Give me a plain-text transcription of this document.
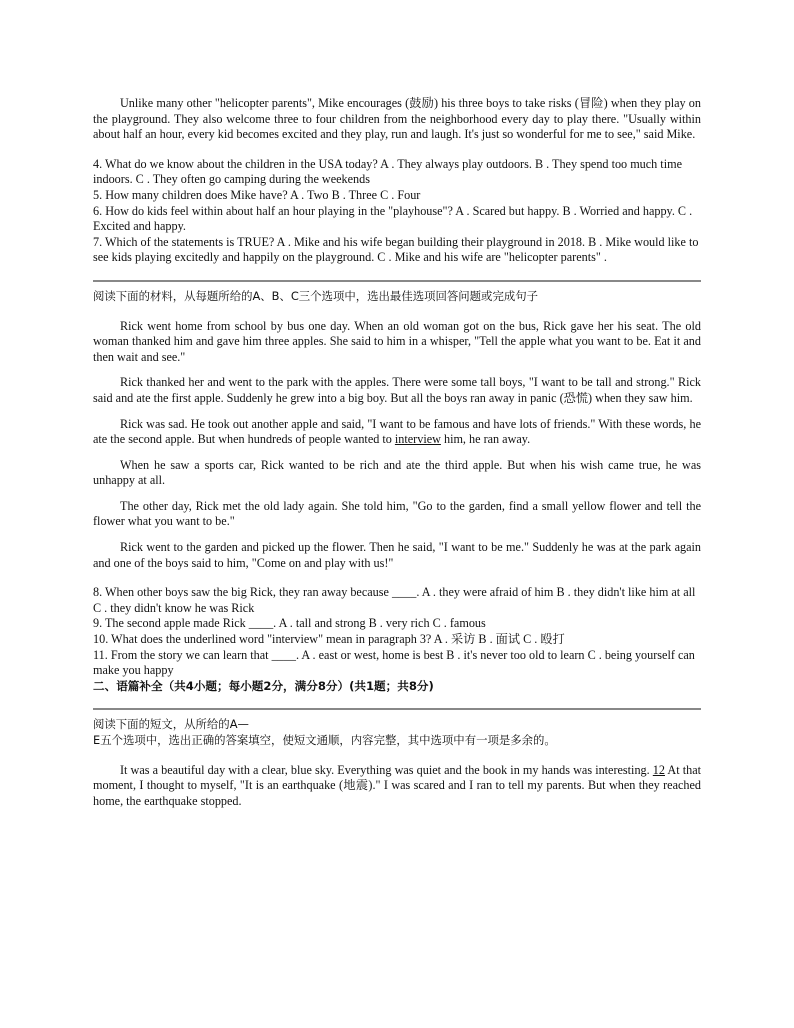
Unlike many other "helicopter parents", Mike encourages (鼓励) his three boys to take risks (冒险) when they play on the playground. They also welcome three to four children from the neighborhood every day to play there. "Usually within about half an hour, every kid becomes excited and they play, run and laugh. It's just so wonderful for me to see," said Mike.

4. What do we know about the children in the USA today? A . They always play outdoors. B . They spend too much time indoors. C . They often go camping during the weekends

5. How many children does Mike have? A . Two B . Three C . Four

6. How do kids feel within about half an hour playing in the "playhouse"? A . Scared but happy. B . Worried and happy. C . Excited and happy.

7. Which of the statements is TRUE? A . Mike and his wife began building their playground in 2018. B . Mike would like to see kids playing excitedly and happily on the playground. C . Mike and his wife are "helicopter parents" .

阅读下面的材料，从每题所给的A、B、C三个选项中，选出最佳选项回答问题或完成句子

Rick went home from school by bus one day. When an old woman got on the bus, Rick gave her his seat. The old woman thanked him and gave him three apples. She said to him in a whisper, "Tell the apple what you want to be. Eat it and then wait and see."

Rick thanked her and went to the park with the apples. There were some tall boys, "I want to be tall and strong." Rick said and ate the first apple. Suddenly he grew into a big boy. But all the boys ran away in panic (恐慌) when they saw him.

Rick was sad. He took out another apple and said, "I want to be famous and have lots of friends." With these words, he ate the second apple. But when hundreds of people wanted to interview him, he ran away.

When he saw a sports car, Rick wanted to be rich and ate the third apple. But when his wish came true, he was unhappy at all.

The other day, Rick met the old lady again. She told him, "Go to the garden, find a small yellow flower and tell the flower what you want to be."

Rick went to the garden and picked up the flower. Then he said, "I want to be me." Suddenly he was at the park again and one of the boys said to him, "Come on and play with us!"

8. When other boys saw the big Rick, they ran away because ____. A . they were afraid of him B . they didn't like him at all C . they didn't know he was Rick

9. The second apple made Rick ____. A . tall and strong B . very rich C . famous

10. What does the underlined word "interview" mean in paragraph 3? A . 采访 B . 面试 C . 殴打

11. From the story we can learn that ____. A . east or west, home is best B . it's never too old to learn C . being yourself can make you happy

二、语篇补全（共4小题；每小题2分，满分8分）(共1题；共8分)

阅读下面的短文，从所给的A—

E五个选项中，选出正确的答案填空，使短文通顺，内容完整，其中选项中有一项是多余的。

It was a beautiful day with a clear, blue sky. Everything was quiet and the book in my hands was interesting. 12 At that moment, I thought to myself, "It is an earthquake (地震)." I was scared and I ran to tell my parents. But when they reached home, the earthquake stopped.
